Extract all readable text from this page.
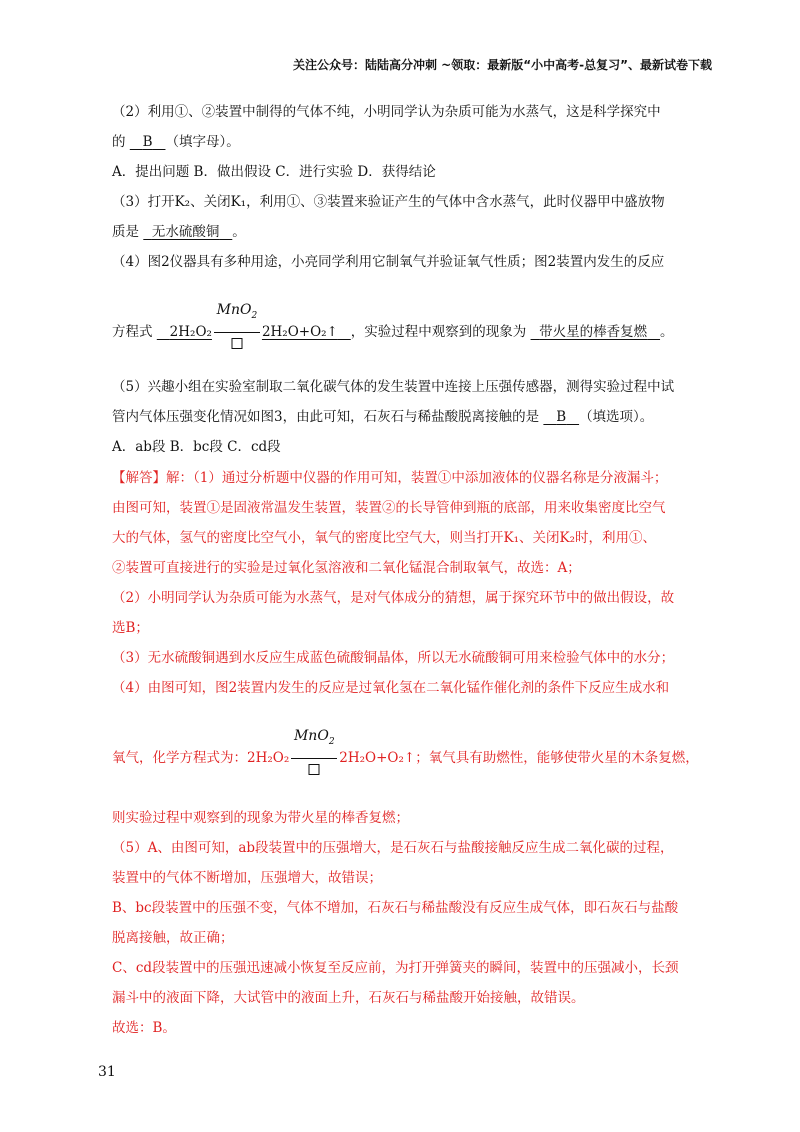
关注公众号：陆陆高分冲刺 ~领取：最新版“小中高考-总复习”、最新试卷下载
（2）利用①、②装置中制得的气体不纯，小明同学认为杂质可能为水蒸气，这是科学探究中
的 B （填字母）。
A．提出问题 B．做出假设 C．进行实验 D．获得结论
（3）打开K₂、关闭K₁，利用①、③装置来验证产生的气体中含水蒸气，此时仪器甲中盛放物
质是 无水硫酸铜 。
（4）图2仪器具有多种用途，小亮同学利用它制氧气并验证氧气性质；图2装置内发生的反应
方程式 2H₂O₂
MnO$_2$
2H₂O+O₂↑ ，实验过程中观察到的现象为 带火星的棒香复燃 。
（5）兴趣小组在实验室制取二氧化碳气体的发生装置中连接上压强传感器，测得实验过程中试
管内气体压强变化情况如图3，由此可知，石灰石与稀盐酸脱离接触的是 B （填选项）。
A．ab段 B．bc段 C．cd段
【解答】解：（1）通过分析题中仪器的作用可知，装置①中添加液体的仪器名称是分液漏斗；
由图可知，装置①是固液常温发生装置，装置②的长导管伸到瓶的底部，用来收集密度比空气
大的气体，氢气的密度比空气小，氧气的密度比空气大，则当打开K₁、关闭K₂时，利用①、
②装置可直接进行的实验是过氧化氢溶液和二氧化锰混合制取氧气，故选：A；
（2）小明同学认为杂质可能为水蒸气，是对气体成分的猜想，属于探究环节中的做出假设，故
选B；
（3）无水硫酸铜遇到水反应生成蓝色硫酸铜晶体，所以无水硫酸铜可用来检验气体中的水分；
（4）由图可知，图2装置内发生的反应是过氧化氢在二氧化锰作催化剂的条件下反应生成水和
氧气，化学方程式为：2H₂O₂
MnO$_2$
2H₂O+O₂↑；氧气具有助燃性，能够使带火星的木条复燃，
则实验过程中观察到的现象为带火星的棒香复燃；
（5）A、由图可知，ab段装置中的压强增大，是石灰石与盐酸接触反应生成二氧化碳的过程，
装置中的气体不断增加，压强增大，故错误；
B、bc段装置中的压强不变，气体不增加，石灰石与稀盐酸没有反应生成气体，即石灰石与盐酸
脱离接触，故正确；
C、cd段装置中的压强迅速减小恢复至反应前，为打开弹簧夹的瞬间，装置中的压强减小，长颈
漏斗中的液面下降，大试管中的液面上升，石灰石与稀盐酸开始接触，故错误。
故选：B。
31
